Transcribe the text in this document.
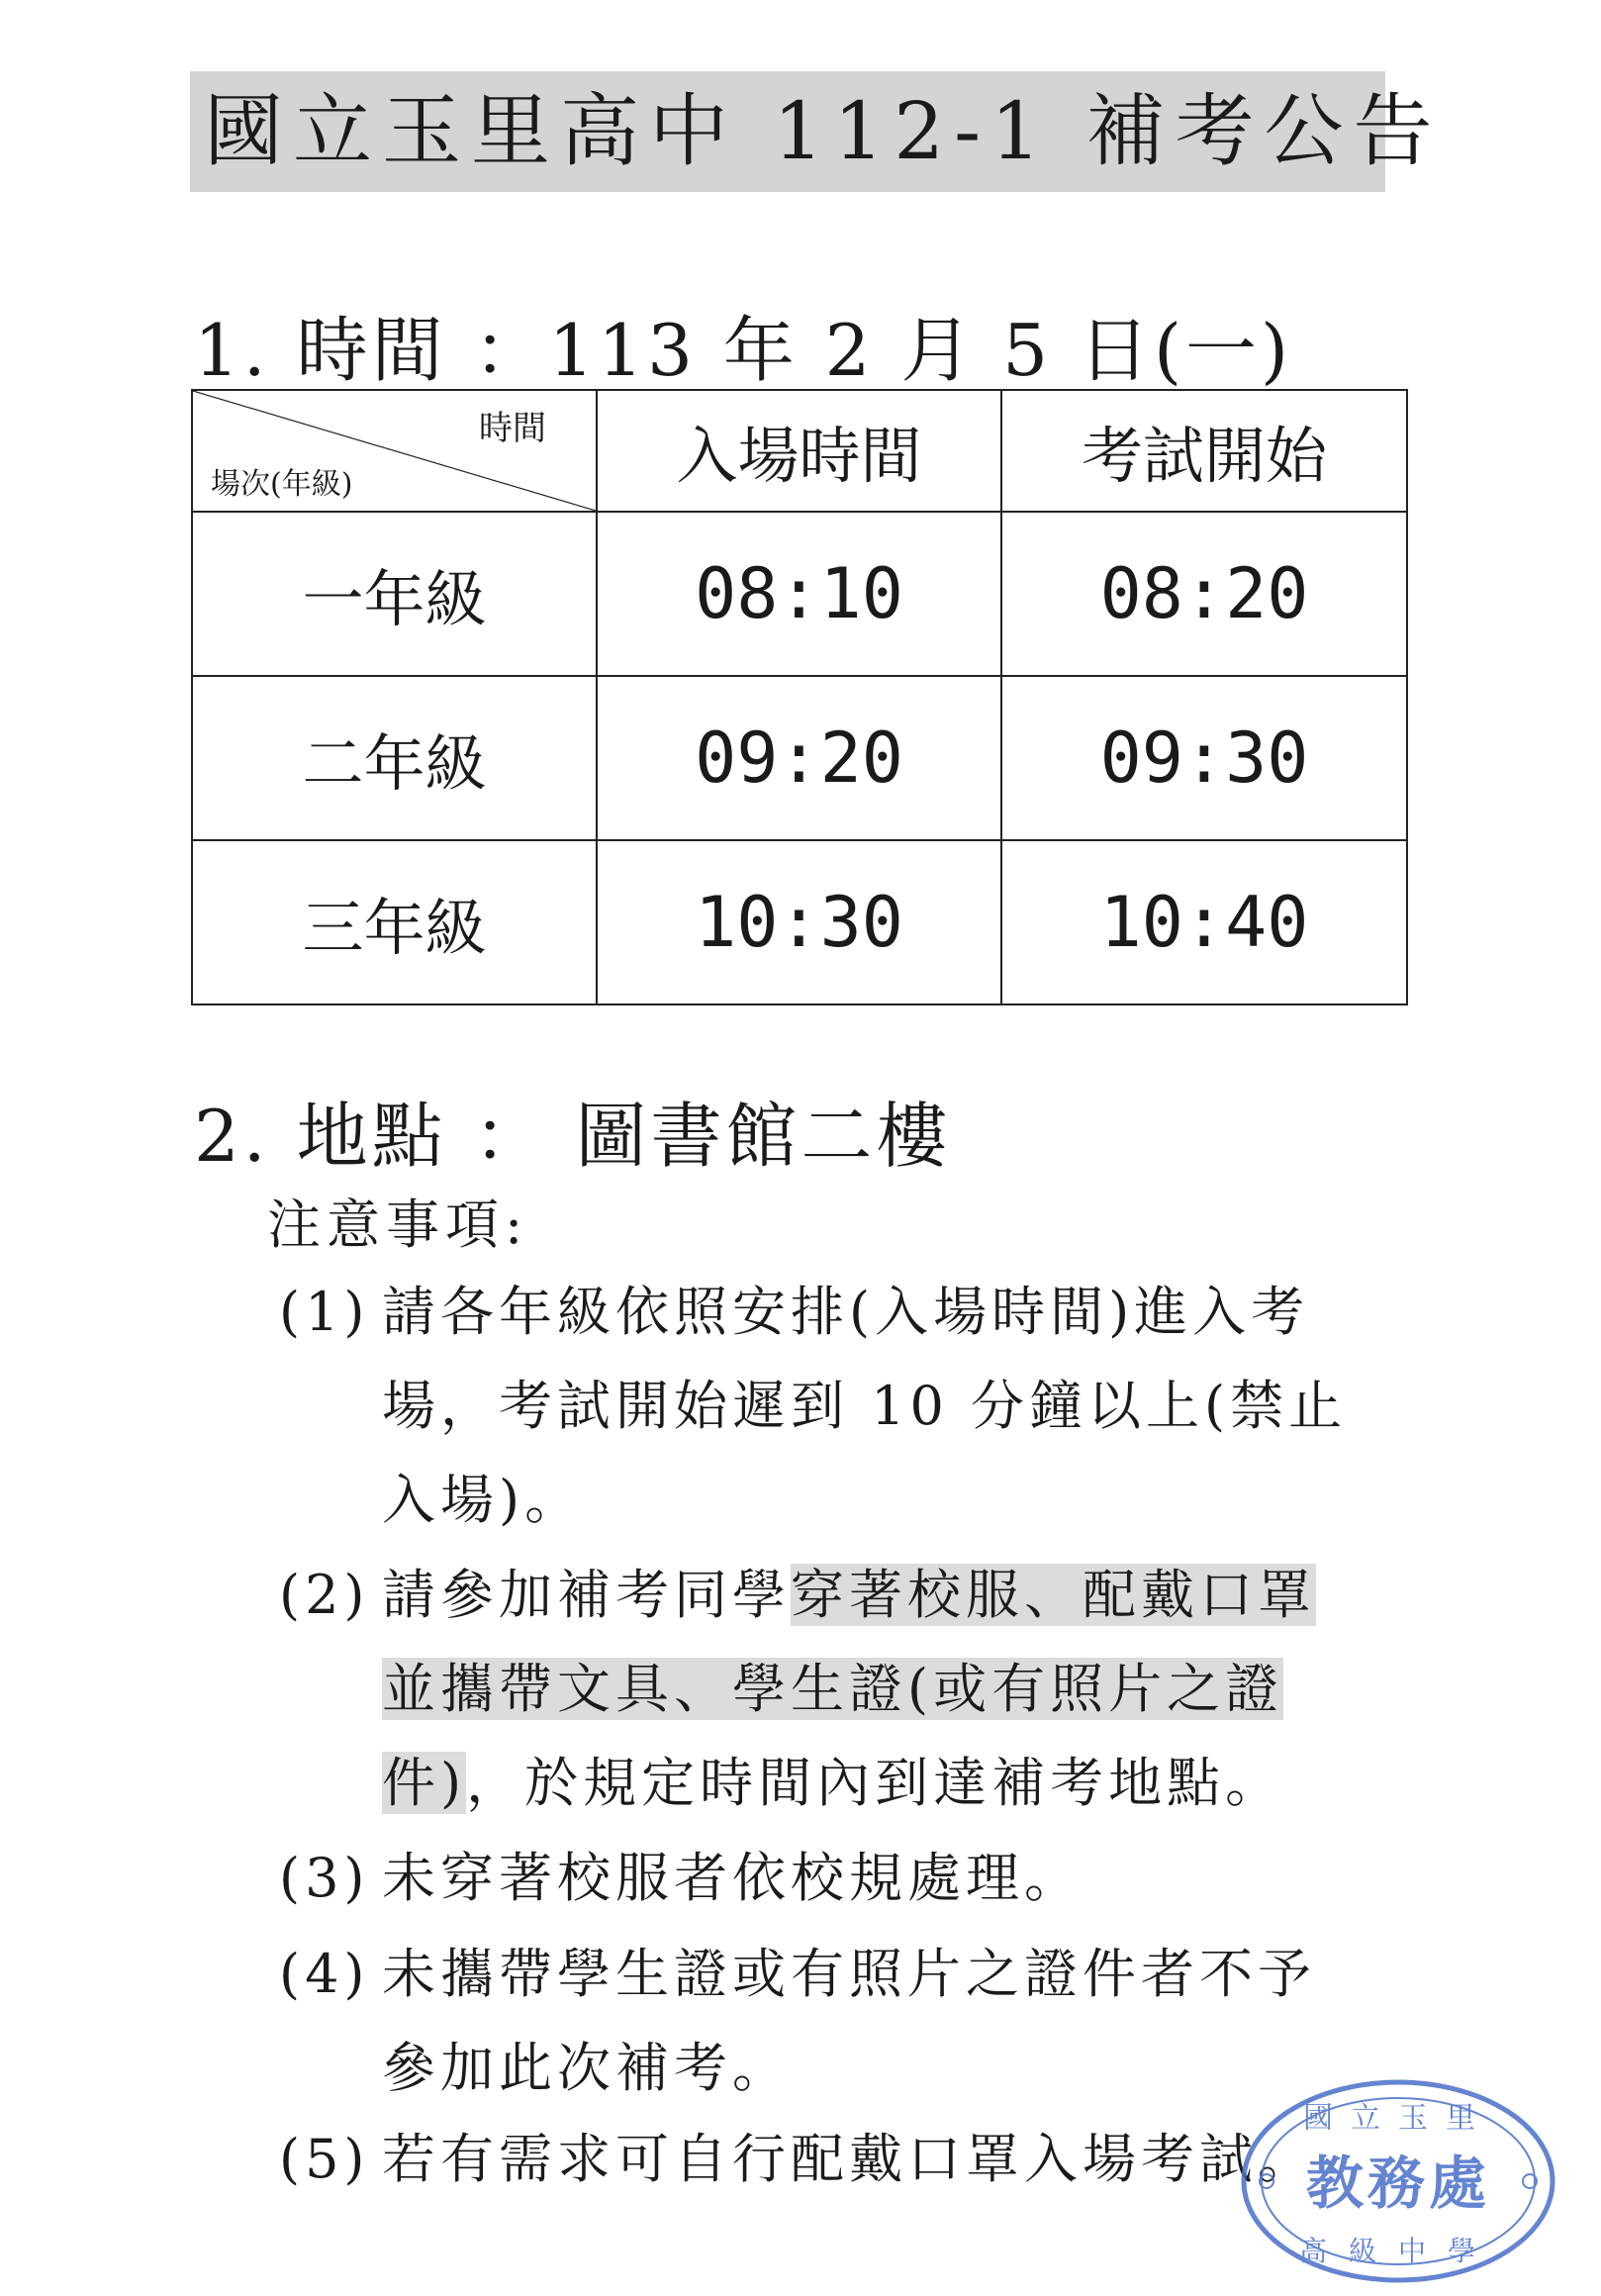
國立玉里高中 112-1 補考公告
1. 時間 ：113 年 2 月 5 日(一)
時間
場次(年級)	入場時間	考試開始
一年級	08:10	08:20
二年級	09:20	09:30
三年級	10:30	10:40
2. 地點 ： 圖書館二樓
注意事項:
(1) 請各年級依照安排(入場時間)進入考
場，考試開始遲到 10 分鐘以上(禁止
入場)。
(2) 請參加補考同學穿著校服、配戴口罩
並攜帶文具、學生證(或有照片之證
件)，於規定時間內到達補考地點。
(3) 未穿著校服者依校規處理。
(4) 未攜帶學生證或有照片之證件者不予
參加此次補考。
(5) 若有需求可自行配戴口罩入場考試。
國立玉里
教務處
高級中學
